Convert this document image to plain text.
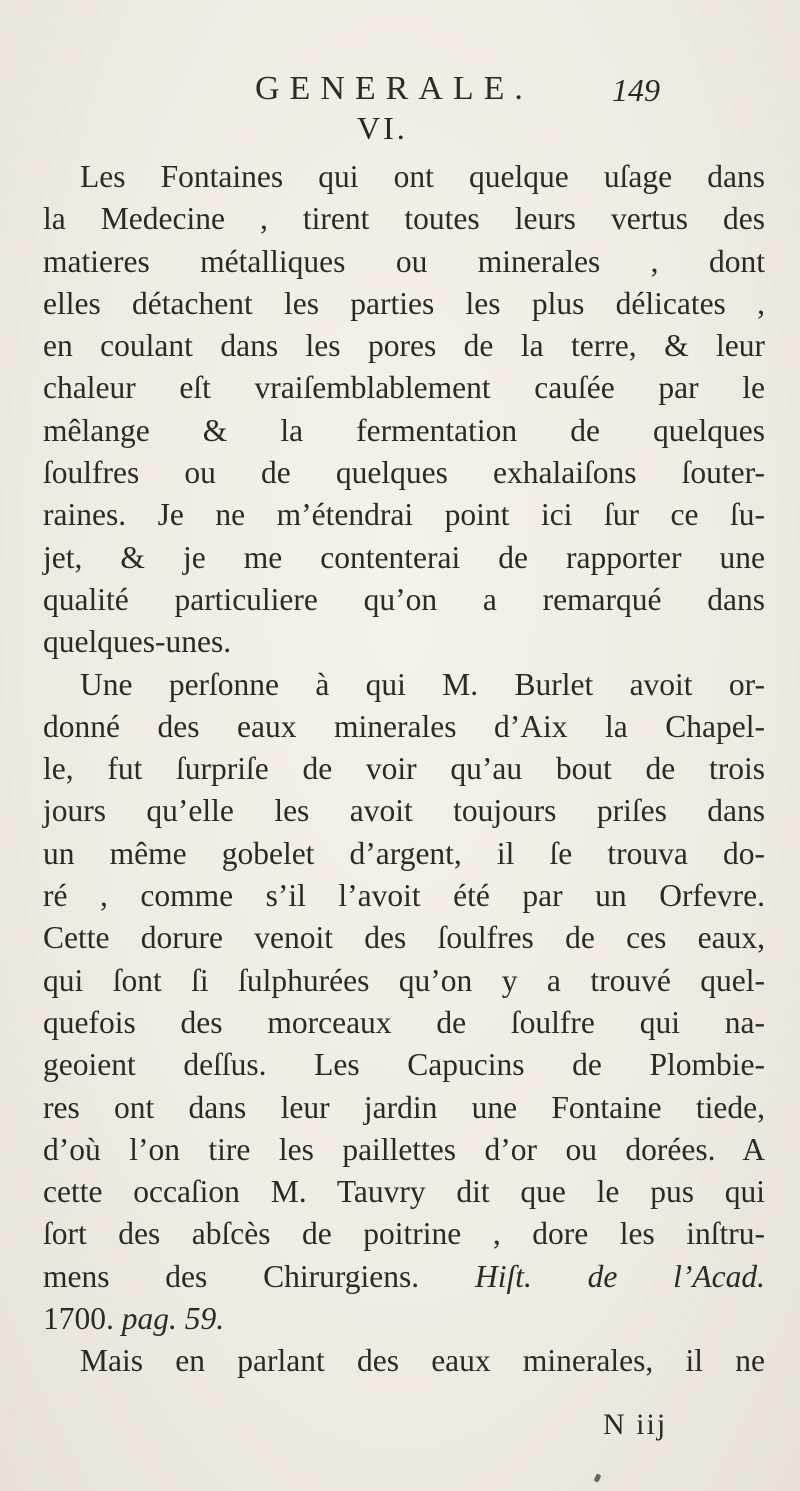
GENERALE. 149
VI.
Les Fontaines qui ont quelque uſage dans
la Medecine , tirent toutes leurs vertus des
matieres métalliques ou minerales , dont
elles détachent les parties les plus délicates ,
en coulant dans les pores de la terre, & leur
chaleur eſt vraiſemblablement cauſée par le
mêlange & la fermentation de quelques
ſoulfres ou de quelques exhalaiſons ſouter-
raines. Je ne m’étendrai point ici ſur ce ſu-
jet, & je me contenterai de rapporter une
qualité particuliere qu’on a remarqué dans
quelques-unes.
Une perſonne à qui M. Burlet avoit or-
donné des eaux minerales d’Aix la Chapel-
le, fut ſurpriſe de voir qu’au bout de trois
jours qu’elle les avoit toujours priſes dans
un même gobelet d’argent, il ſe trouva do-
ré , comme s’il l’avoit été par un Orfevre.
Cette dorure venoit des ſoulfres de ces eaux,
qui ſont ſi ſulphurées qu’on y a trouvé quel-
quefois des morceaux de ſoulfre qui na-
geoient deſſus. Les Capucins de Plombie-
res ont dans leur jardin une Fontaine tiede,
d’où l’on tire les paillettes d’or ou dorées. A
cette occaſion M. Tauvry dit que le pus qui
ſort des abſcès de poitrine , dore les inſtru-
mens des Chirurgiens. Hiſt. de l’Acad.
1700. pag. 59.
Mais en parlant des eaux minerales, il ne
N iij
